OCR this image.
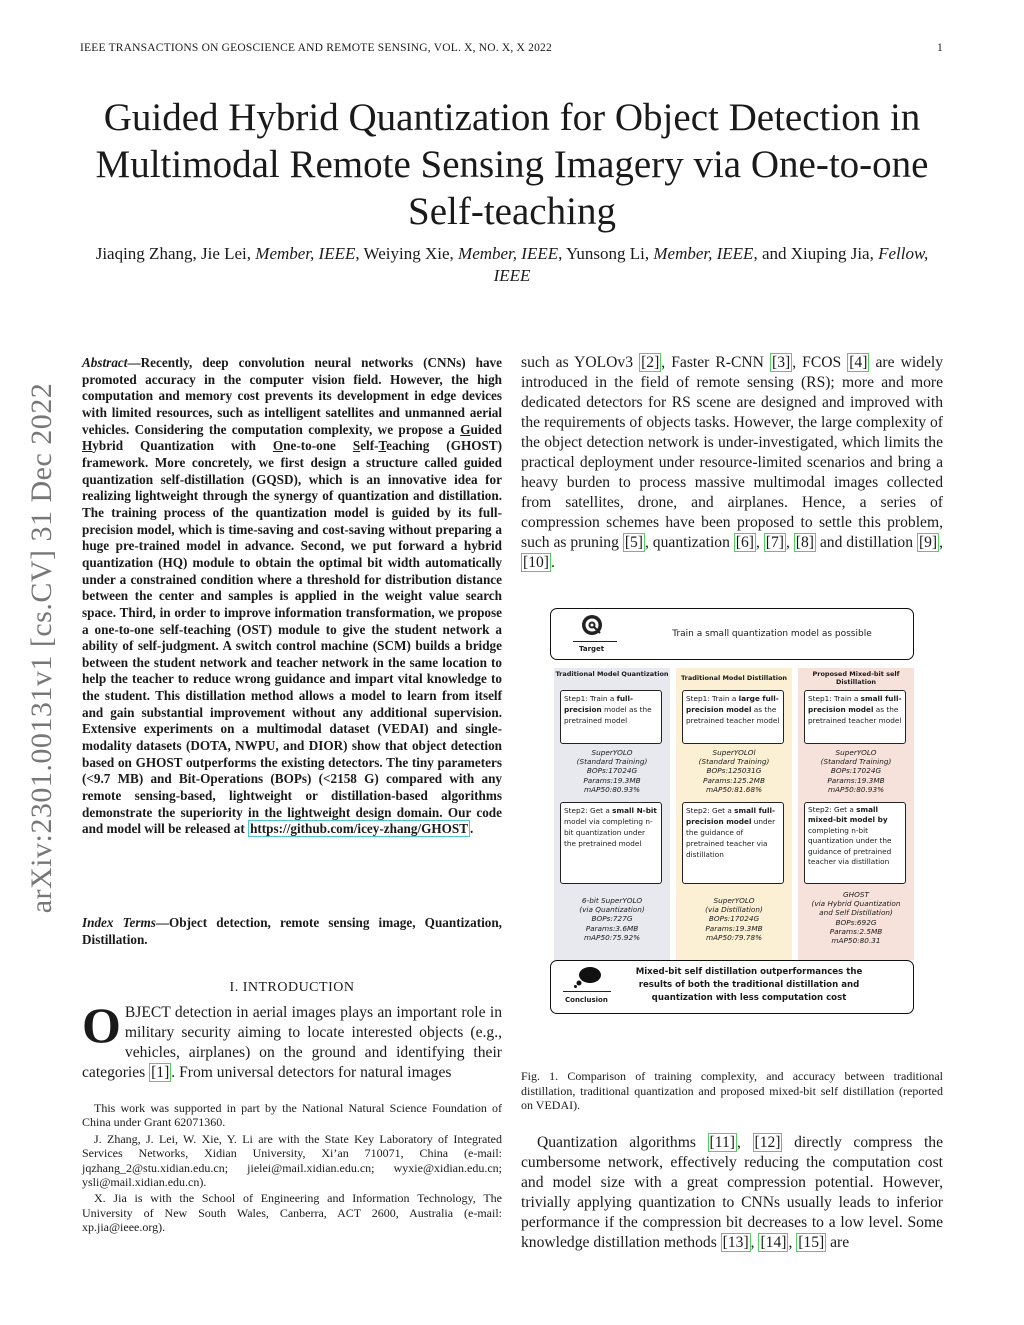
IEEE TRANSACTIONS ON GEOSCIENCE AND REMOTE SENSING, VOL. X, NO. X, X 2022	1
Guided Hybrid Quantization for Object Detection in Multimodal Remote Sensing Imagery via One-to-one Self-teaching
Jiaqing Zhang, Jie Lei, Member, IEEE, Weiying Xie, Member, IEEE, Yunsong Li, Member, IEEE, and Xiuping Jia, Fellow, IEEE
arXiv:2301.00131v1 [cs.CV] 31 Dec 2022
Abstract—Recently, deep convolution neural networks (CNNs) have promoted accuracy in the computer vision field. However, the high computation and memory cost prevents its development in edge devices with limited resources, such as intelligent satellites and unmanned aerial vehicles. Considering the computation complexity, we propose a Guided Hybrid Quantization with One-to-one Self-Teaching (GHOST) framework. More concretely, we first design a structure called guided quantization self-distillation (GQSD), which is an innovative idea for realizing lightweight through the synergy of quantization and distillation. The training process of the quantization model is guided by its full-precision model, which is time-saving and cost-saving without preparing a huge pre-trained model in advance. Second, we put forward a hybrid quantization (HQ) module to obtain the optimal bit width automatically under a constrained condition where a threshold for distribution distance between the center and samples is applied in the weight value search space. Third, in order to improve information transformation, we propose a one-to-one self-teaching (OST) module to give the student network a ability of self-judgment. A switch control machine (SCM) builds a bridge between the student network and teacher network in the same location to help the teacher to reduce wrong guidance and impart vital knowledge to the student. This distillation method allows a model to learn from itself and gain substantial improvement without any additional supervision. Extensive experiments on a multimodal dataset (VEDAI) and single-modality datasets (DOTA, NWPU, and DIOR) show that object detection based on GHOST outperforms the existing detectors. The tiny parameters (<9.7 MB) and Bit-Operations (BOPs) (<2158 G) compared with any remote sensing-based, lightweight or distillation-based algorithms demonstrate the superiority in the lightweight design domain. Our code and model will be released at https://github.com/icey-zhang/GHOST .
Index Terms—Object detection, remote sensing image, Quantization, Distillation.
I. INTRODUCTION
OBJECT detection in aerial images plays an important role in military security aiming to locate interested objects (e.g., vehicles, airplanes) on the ground and identifying their categories [1] . From universal detectors for natural images

This work was supported in part by the National Natural Science Foundation of China under Grant 62071360.

J. Zhang, J. Lei, W. Xie, Y. Li are with the State Key Laboratory of Integrated Services Networks, Xidian University, Xi’an 710071, China (e-mail: jqzhang_2@stu.xidian.edu.cn; jielei@mail.xidian.edu.cn; wyxie@xidian.edu.cn; ysli@mail.xidian.edu.cn).

X. Jia is with the School of Engineering and Information Technology, The University of New South Wales, Canberra, ACT 2600, Australia (e-mail: xp.jia@ieee.org).

such as YOLOv3 [2] , Faster R-CNN [3] , FCOS [4] are widely introduced in the field of remote sensing (RS); more and more dedicated detectors for RS scene are designed and improved with the requirements of objects tasks. However, the large complexity of the object detection network is under-investigated, which limits the practical deployment under resource-limited scenarios and bring a heavy burden to process massive multimodal images collected from satellites, drone, and airplanes. Hence, a series of compression schemes have been proposed to settle this problem, such as pruning [5] , quantization [6] , [7] , [8] and distillation [9] , [10] .
Target
Train a small quantization model as possible
Traditional Model Quantization
Step1: Train a full-precision model as the pretrained model
SuperYOLO
(Standard Training)
BOPs:17024G
Params:19.3MB
mAP50:80.93%
Step2: Get a small N-bit model via completing n-bit quantization under the pretrained model
6-bit SuperYOLO
(via Quantization)
BOPs:727G
Params:3.6MB
mAP50:75.92%
Traditional Model Distillation
Step1: Train a large full-precision model as the pretrained teacher model
SuperYOLOl
(Standard Training)
BOPs:125031G
Params:125.2MB
mAP50:81.68%
Step2: Get a small full-precision model under the guidance of pretrained teacher via distillation
SuperYOLO
(via Distillation)
BOPs:17024G
Params:19.3MB
mAP50:79.78%
Proposed Mixed-bit self Distillation
Step1: Train a small full-precision model as the pretrained teacher model
SuperYOLO
(Standard Training)
BOPs:17024G
Params:19.3MB
mAP50:80.93%
Step2: Get a small mixed-bit model by completing n-bit quantization under the guidance of pretrained teacher via distillation
GHOST
(via Hybrid Quantization
and Self Distillation)
BOPs:692G
Params:2.5MB
mAP50:80.31
Conclusion
Mixed-bit self distillation outperformances the results of both the traditional distillation and quantization with less computation cost
Fig. 1. Comparison of training complexity, and accuracy between traditional distillation, traditional quantization and proposed mixed-bit self distillation (reported on VEDAI).
Quantization algorithms [11] , [12] directly compress the cumbersome network, effectively reducing the computation cost and model size with a great compression potential. However, trivially applying quantization to CNNs usually leads to inferior performance if the compression bit decreases to a low level. Some knowledge distillation methods [13] , [14] , [15] are
